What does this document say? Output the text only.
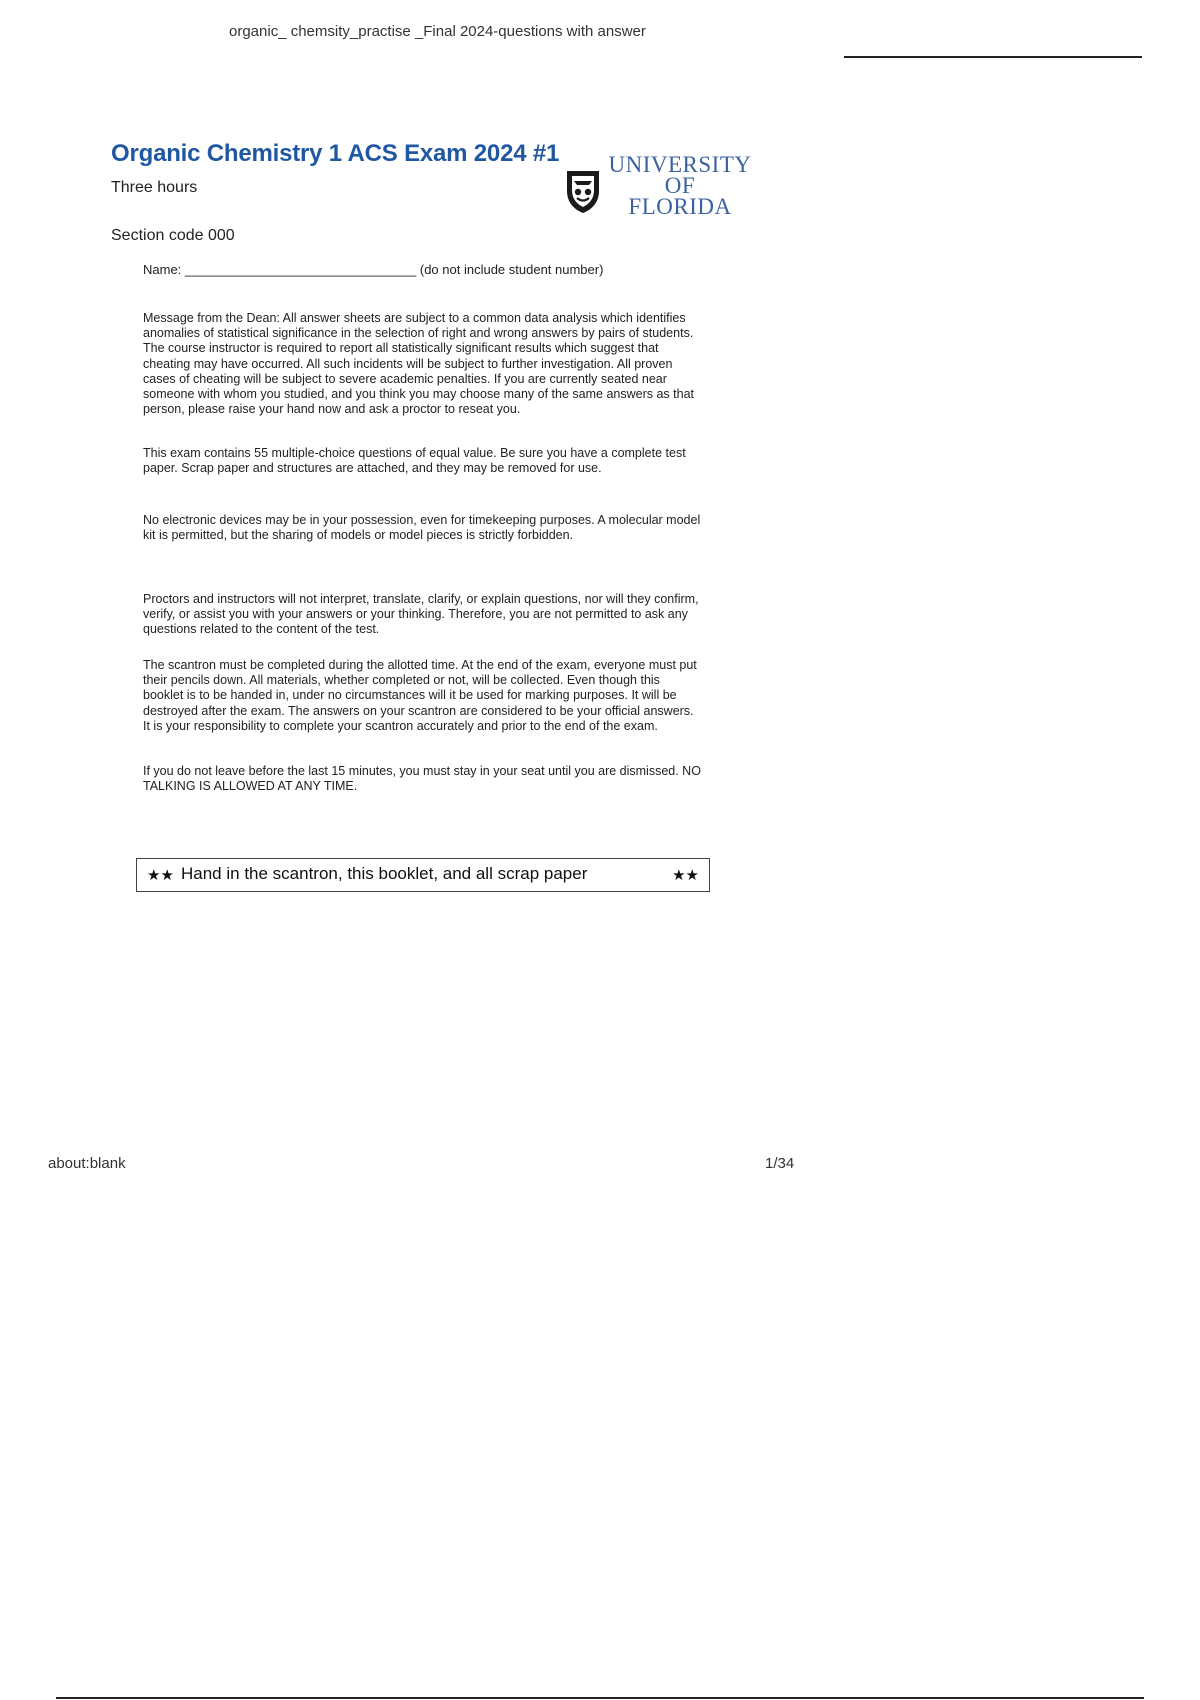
organic_ chemsity_practise _Final 2024-questions with answer
Organic Chemistry 1 ACS Exam 2024 #1
Three hours
Section code 000
UNIVERSITY
OF
FLORIDA
Name: ________________________________ (do not include student number)

Message from the Dean: All answer sheets are subject to a common data analysis which identifies anomalies of statistical significance in the selection of right and wrong answers by pairs of students. The course instructor is required to report all statistically significant results which suggest that cheating may have occurred. All such incidents will be subject to further investigation. All proven cases of cheating will be subject to severe academic penalties. If you are currently seated near someone with whom you studied, and you think you may choose many of the same answers as that person, please raise your hand now and ask a proctor to reseat you.

This exam contains 55 multiple-choice questions of equal value. Be sure you have a complete test paper. Scrap paper and structures are attached, and they may be removed for use.

No electronic devices may be in your possession, even for timekeeping purposes. A molecular model kit is permitted, but the sharing of models or model pieces is strictly forbidden.

Proctors and instructors will not interpret, translate, clarify, or explain questions, nor will they confirm, verify, or assist you with your answers or your thinking. Therefore, you are not permitted to ask any questions related to the content of the test.

The scantron must be completed during the allotted time. At the end of the exam, everyone must put their pencils down. All materials, whether completed or not, will be collected. Even though this booklet is to be handed in, under no circumstances will it be used for marking purposes. It will be destroyed after the exam. The answers on your scantron are considered to be your official answers. It is your responsibility to complete your scantron accurately and prior to the end of the exam.

If you do not leave before the last 15 minutes, you must stay in your seat until you are dismissed. NO TALKING IS ALLOWED AT ANY TIME.

★★ Hand in the scantron, this booklet, and all scrap paper	★★
about:blank	1/34
